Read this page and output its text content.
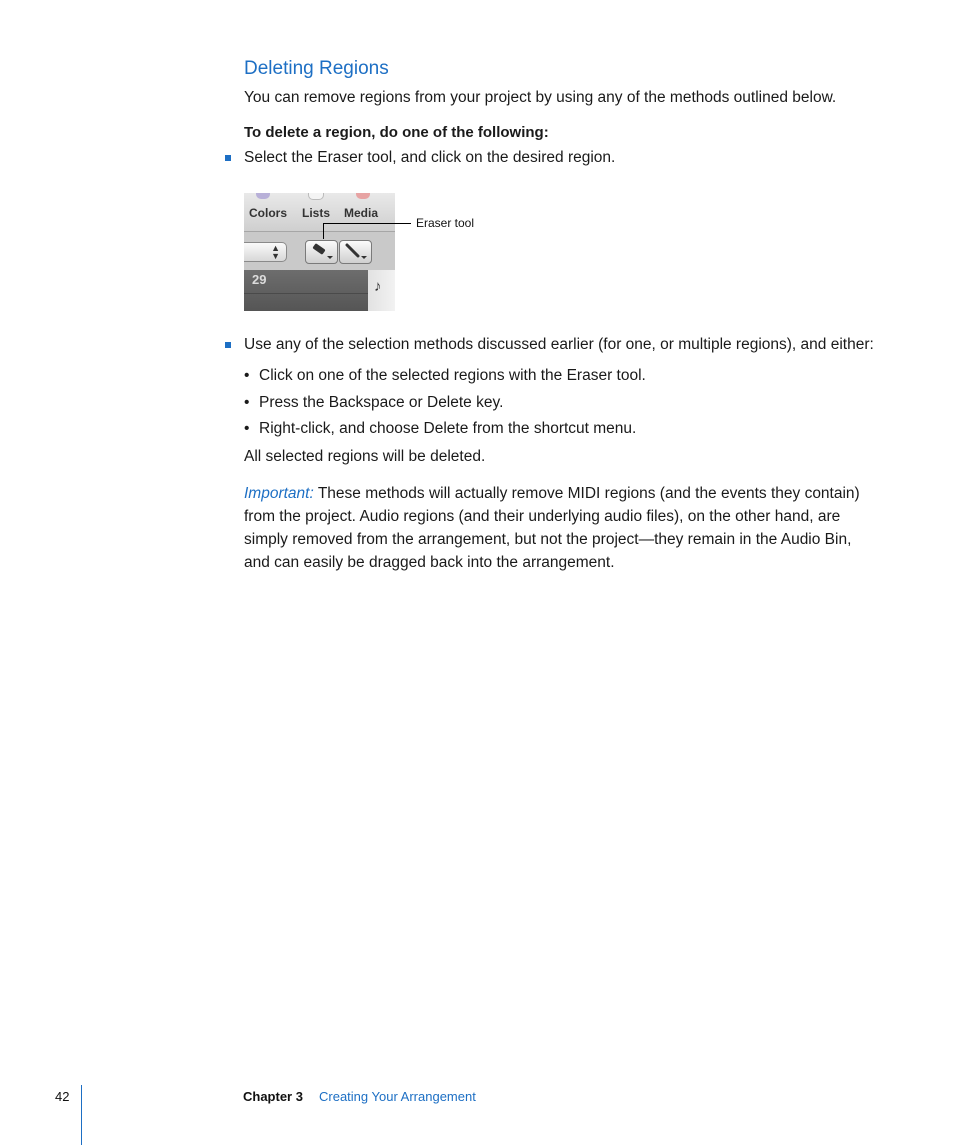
Deleting Regions

You can remove regions from your project by using any of the methods outlined below.

To delete a region, do one of the following:

Select the Eraser tool, and click on the desired region.
Colors Lists Media
▲
▼
29	♪
Eraser tool
Use any of the selection methods discussed earlier (for one, or multiple regions), and either:
• Click on one of the selected regions with the Eraser tool.
• Press the Backspace or Delete key.
• Right-click, and choose Delete from the shortcut menu.

All selected regions will be deleted.

Important: These methods will actually remove MIDI regions (and the events they contain) from the project. Audio regions (and their underlying audio files), on the other hand, are simply removed from the arrangement, but not the project—they remain in the Audio Bin, and can easily be dragged back into the arrangement.

42	Chapter 3 Creating Your Arrangement
